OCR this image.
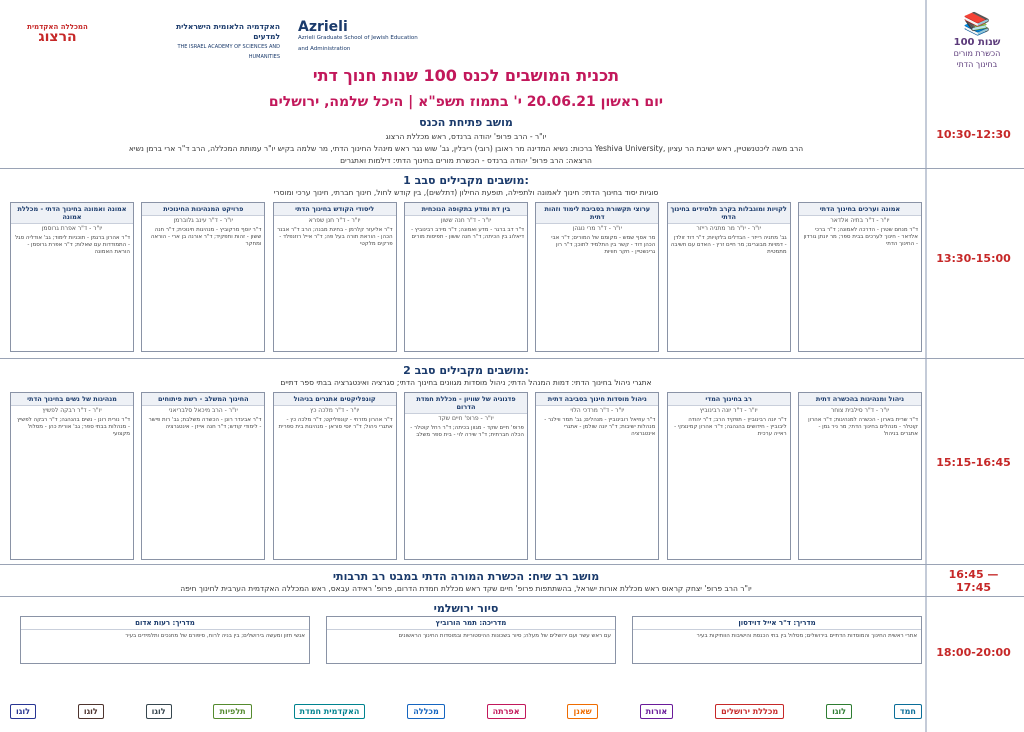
📚
100 שנות
הכשרת מורים
בחינוך הדתי
10:30-12:30
13:30-15:00
15:15-16:45
16:45 — 17:45
18:00-20:00
המכללה האקדמית
הרצוג
האקדמיה הלאומית הישראלית למדעים
THE ISRAEL ACADEMY OF SCIENCES AND HUMANITIES
Azrieli
Azrieli Graduate School of Jewish Education and Administration
תכנית המושבים לכנס 100 שנות חנוך דתי
יום ראשון 20.06.21 י' בתמוז תשפ"א | היכל שלמה, ירושלים
מושב פתיחת הכנס
יו"ר - הרב פרופ' יהודה ברנדס, ראש מכללת הרצוג
ברכות: נשיא המדינה מר ראובן (רובי) ריבלין, גב' שוש נגר ראש מינהל החינוך הדתי, מר שלמה בקיש יו"ר עמותת המכללה, הרב ד"ר ארי ברמן נשיא Yeshiva University, הרב משה ליכטנשטיין, ראש ישיבת הר עציון
הרצאה: הרב פרופ' יהודה ברנדס - הכשרת מורים בחינוך הדתי: דילמות ואתגרים
מושבים מקבילים סבב 1:
סוגיות יסוד בחינוך הדתי: חינוך לאמונה ולתפילה, תופעת החילון (דתלשים), בין קודש לחול, חינוך חברתי, חינוך ערכי ומוסרי
אמונה וערכים בחינוך הדתי
יו"ר - ד"ר בתיה אלדאר
ד"ר מנחם שטרן - הדרכה לאמונה; ד"ר ברכי אלדאר - חינוך לערכים בבית ספר; מר יונתן גורדון - החינוך הדתי
לקויות ומוגבלות בקרב תלמידים בחינוך הדתי
יו"ר - יו"ר מר מתניה רייזר
גב' מתניה רייזר - הבדלים בלקויות; ד"ר דוד זולדן - דמויות מבוגרים; מר חיים זרץ - האדם עם חשיבה מתמטית
ערוצי תקשורת בסביבת לימוד וזהות דתית
יו"ר - ד"ר מרי נוגהן
מר אסף שמש - מקומם של המורים; ד"ר אבי הכהן דוד - קשר בין התלמיד לתוכן; ד"ר רון גרינשטיין - חקר חוויות
בין דת ומדע בתקופה הנוכחית
יו"ר - ד"ר חנה ששון
ד"ר דב ברגר - מדע ואמונה; ד"ר מירב רבינוביץ - דיאלוג בין הכיתה; ד"ר חנה ששון - תפיסות מורים
ליסודי הקודש בחינוך הדתי
יו"ר - ד"ר חנן שפרא
ד"ר אליעזר קלרמן - בחינת מבנה; הרב ד"ר אבנר הכהן - הוראת תורה בעל פה; ד"ר אייל רוזנפלד - פרקים מלקטי
פרויקט המנהיגות החינוכית
יו"ר - ד"ר עינב גלוברמן
ד"ר יוסף מרקוביץ - מנהיגות חינוכית; ד"ר חנה ששון - זהות ותפקיד; ד"ר אורנה בן ארי - הוראה ומחקר
אמונה ואמונה בחינוך הדתי - מכללת אמונה
יו"ר - ד"ר אפרת גרוסמן
ד"ר אהרון ברגמן - תוכניות לימוד; גב' אודליה סגל - התמודדות עם שאלות; ד"ר אפרת גרוסמן - הוראת האמונה
מושבים מקבילים סבב 2:
אתגרי ניהול בחינוך הדתי: דמות המנהל הדתי; ניהול מוסדות מגוונים בחינוך הדתי; סגרציה ואינטגרציה בבתי ספר דתיים
ניהול ומנהיגות בהכשרה דתית
יו"ר - ד"ר סילבית צוחר
ד"ר שרית בארון - הכשרה למנהיגות; ד"ר אהרון קוטלר - מנהלים בחינוך הדתי; מר ניר גמן - אתגרים בניהול
רב בחינוך המדי
יו"ר - ד"ר יונה רבינוביץ
ד"ר יונה רבינוביץ - תפקיד הרב; ד"ר יהודה ליבוביץ - חידושים בהנהגה; ד"ר אהרון קמינצקי - ראייה ערכית
ניהול מוסדות חינוך בסביבה דתית
יו"ר - ד"ר מרדכי הלוי
ד"ר עוזיאל רובינוביץ - מנהלים; גב' תמר ווילנר - מנהלות ישיבות; ד"ר יונה שולמן - אתגרי אינטגרציה
פדגוגיה של שוויון - מכללת חמדת הדרום
יו"ר - פרופ' חיים שקד
פרופ' חיים שקד - מגוון בכיתה; ד"ר רחל קוטלר - הכלה חברתית; ד"ר שירה לוי - בית ספר משלב
קונפליקטים אתגרים בניהול
יו"ר - ד"ר מלכה כץ
ד"ר אהרון מזרחי - קונפליקט; ד"ר מלכה כץ - אתגרי ניהול; ד"ר יוסי סוראן - מנהיגות בית ספרית
החינוך המשלב - רשת פיתוחים
יו"ר - הרב מיכאל סלבריאני
ד"ר אביגדר רונן - הכשרה משלבת; גב' רות פישר - לימודי קודש; ד"ר חנה אייזן - אינטגרציה
מנהיגות של נשים בחינוך הדתי
יו"ר - ד"ר רבקה לפשיץ
ד"ר נורית רונן - נשים בהנהגה; ד"ר רבקה לפשיץ - מנהלות בבתי ספר; גב' אורית כהן - מסלול מקצועי
מושב רב שיח: הכשרת המורה הדתי במבט רב תרבותי
יו"ר הרב פרופ' יצחק קראוס ראש מכללת אורות ישראל, בהשתתפות פרופ' חיים שקד ראש מכללת חמדת הדרום, פרופ' ראידה עבאס, ראש המכללה האקדמית הערבית לחינוך חיפה
סיור ירושלמי
מדריך: ד"ר אייל דוידסון
אתרי ראשית החינוך והמוסדות הדתיים בירושלים; מסלול בין בתי הכנסת והישיבות הוותיקות בעיר
מדריכה: תמר הורוביץ
עם ראש עשר ועם ירושלים של מעלה; סיור בשכונות ההיסטוריות ובמוסדות החינוך הראשונים
מדריך: רעות אדום
אנשי חזון ומעשה בירושלים; בין בניה לרוח, סיפורם של מחנכים ותלמידים בעיר
חמד
לוגו
מכללת ירושלים
אורות
שאנן
אפרתה
מכללה
האקדמית חמדת
תלפיות
לוגו
לוגו
לוגו
